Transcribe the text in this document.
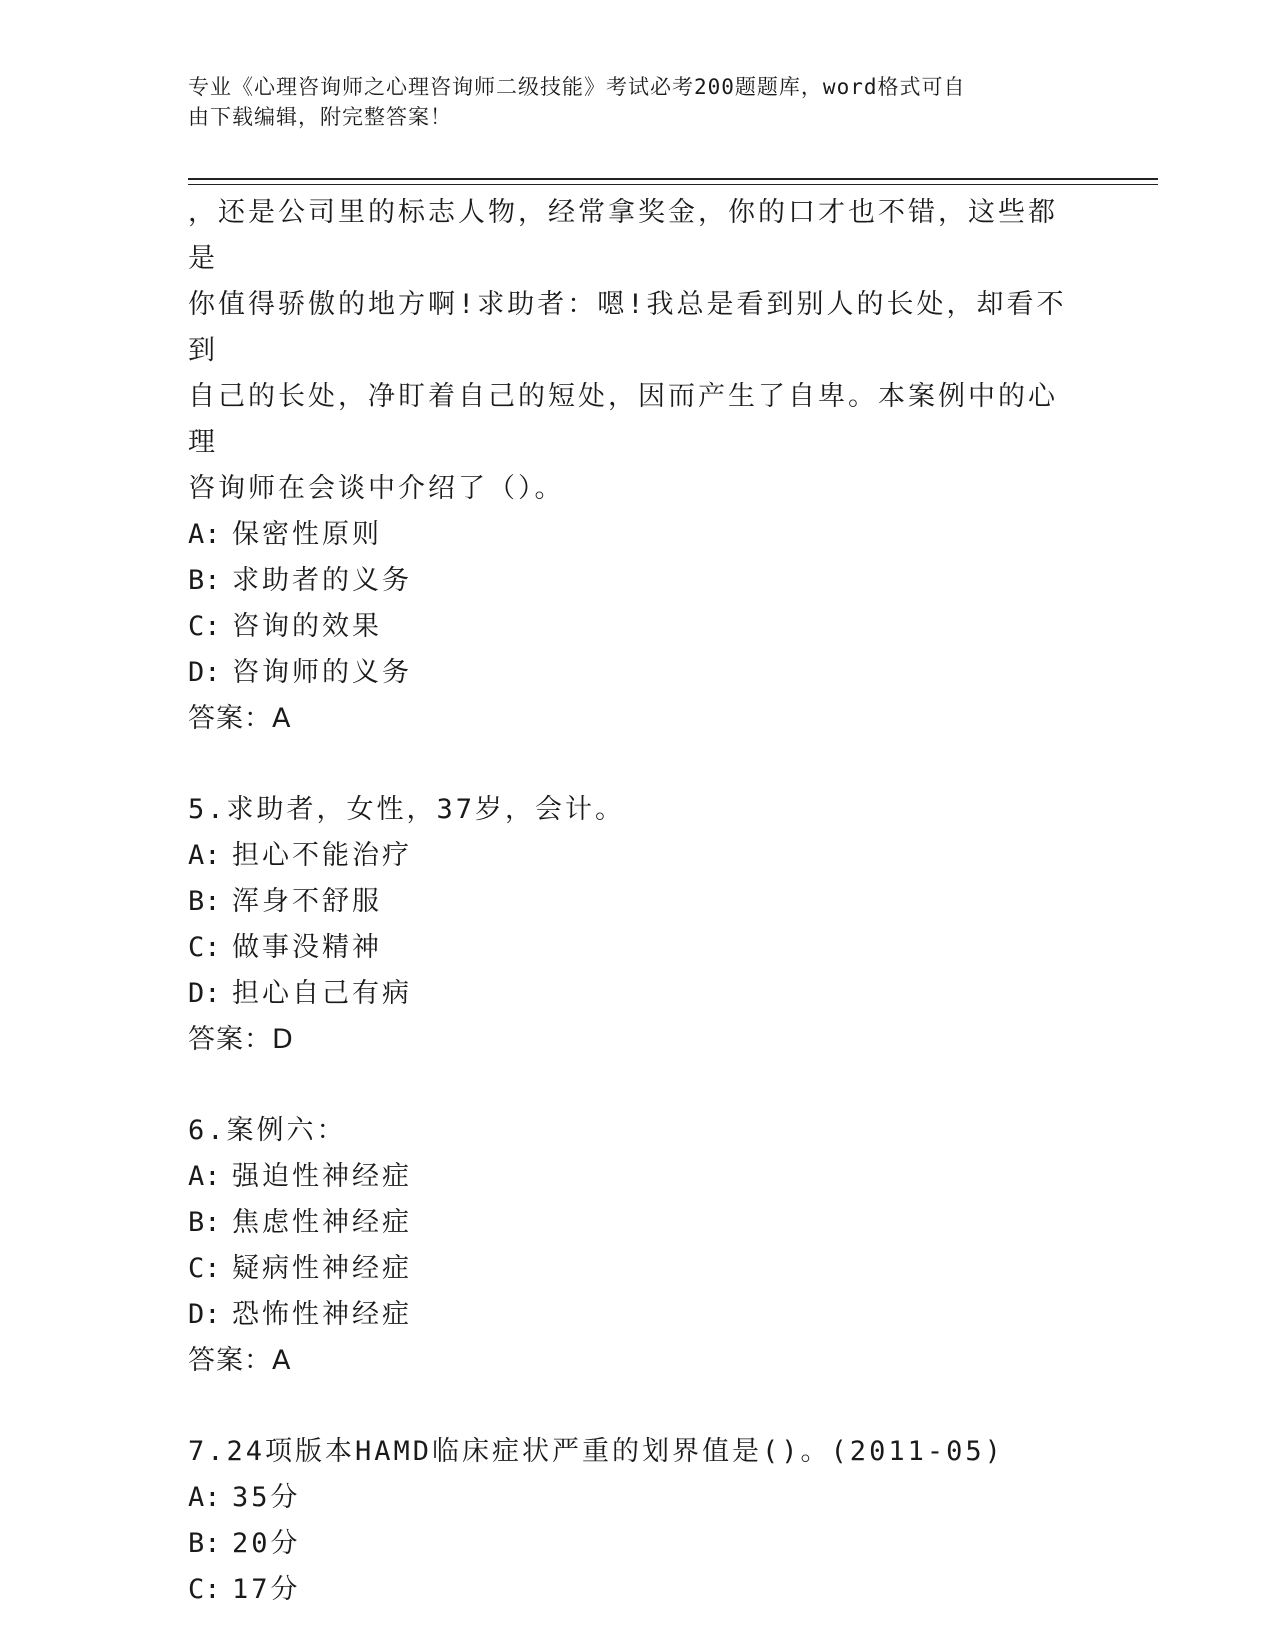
专业《心理咨询师之心理咨询师二级技能》考试必考200题题库，word格式可自
由下载编辑，附完整答案！
，还是公司里的标志人物，经常拿奖金，你的口才也不错，这些都是
你值得骄傲的地方啊!求助者：嗯!我总是看到别人的长处，却看不到
自己的长处，净盯着自己的短处，因而产生了自卑。本案例中的心理
咨询师在会谈中介绍了（）。
A: 保密性原则
B: 求助者的义务
C: 咨询的效果
D: 咨询师的义务
答案：A
5.求助者，女性，37岁，会计。
A: 担心不能治疗
B: 浑身不舒服
C: 做事没精神
D: 担心自己有病
答案：D
6.案例六：
A: 强迫性神经症
B: 焦虑性神经症
C: 疑病性神经症
D: 恐怖性神经症
答案：A
7.24项版本HAMD临床症状严重的划界值是()。(2011-05)
A: 35分
B: 20分
C: 17分
